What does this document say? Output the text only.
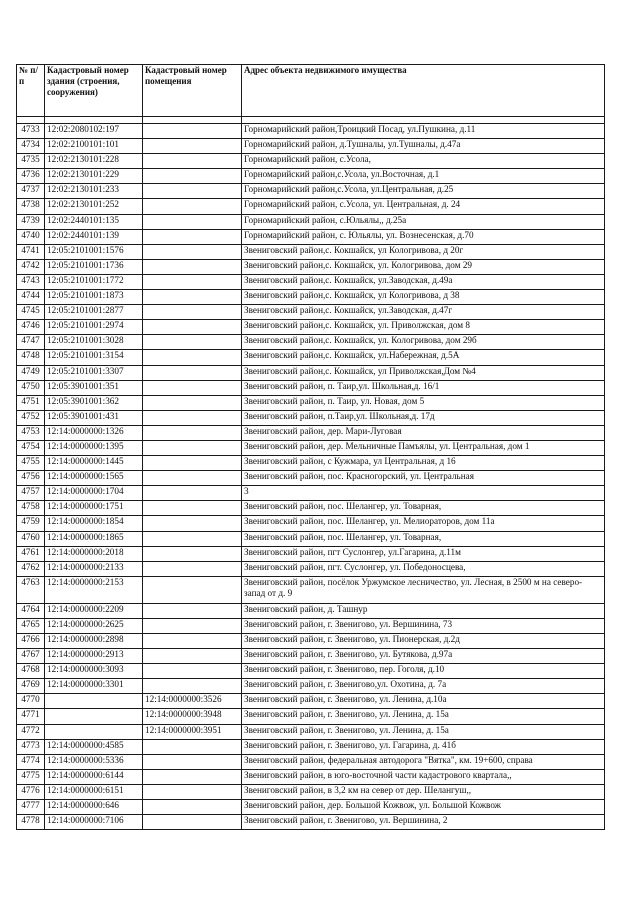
№ п/п	Кадастровый номер здания (строения, сооружения)	Кадастровый номер помещения	Адрес объекта недвижимого имущества

4733	12:02:2080102:197		Горномарийский район,Троицкий Посад, ул.Пушкина, д.11
4734	12:02:2100101:101		Горномарийский район, д.Тушналы, ул.Тушналы, д.47а
4735	12:02:2130101:228		Горномарийский район, с.Усола,
4736	12:02:2130101:229		Горномарийский район,с.Усола, ул.Восточная, д.1
4737	12:02:2130101:233		Горномарийский район,с.Усола, ул.Центральная, д.25
4738	12:02:2130101:252		Горномарийский район, с.Усола, ул. Центральная, д. 24
4739	12:02:2440101:135		Горномарийский район, с.Юльялы,, д.25а
4740	12:02:2440101:139		Горномарийский район, с. Юльялы, ул. Вознесенская, д.70
4741	12:05:2101001:1576		Звениговский район,с. Кокшайск, ул Кологривова, д 20г
4742	12:05:2101001:1736		Звениговский район,с. Кокшайск, ул. Кологривова, дом 29
4743	12:05:2101001:1772		Звениговский район,с. Кокшайск, ул.Заводская, д.49а
4744	12:05:2101001:1873		Звениговский район,с. Кокшайск, ул Кологривова, д 38
4745	12:05:2101001:2877		Звениговский район,с. Кокшайск, ул.Заводская, д.47г
4746	12:05:2101001:2974		Звениговский район,с. Кокшайск, ул. Приволжская, дом 8
4747	12:05:2101001:3028		Звениговский район,с. Кокшайск, ул. Кологривова, дом 29б
4748	12:05:2101001:3154		Звениговский район,с. Кокшайск, ул.Набережная, д.5А
4749	12:05:2101001:3307		Звениговский район,с. Кокшайск, ул Приволжская,Дом №4
4750	12:05:3901001:351		Звениговский район, п. Таир,ул. Школьная,д. 16/1
4751	12:05:3901001:362		Звениговский район, п. Таир, ул. Новая, дом 5
4752	12:05:3901001:431		Звениговский район, п.Таир,ул. Школьная,д. 17д
4753	12:14:0000000:1326		Звениговский район, дер. Мари-Луговая
4754	12:14:0000000:1395		Звениговский район, дер. Мельничные Памъялы, ул. Центральная, дом 1
4755	12:14:0000000:1445		Звениговский район, с Кужмара, ул Центральная, д 16
4756	12:14:0000000:1565		Звениговский район, пос. Красногорский, ул. Центральная
4757	12:14:0000000:1704		3
4758	12:14:0000000:1751		Звениговский район, пос. Шелангер, ул. Товарная,
4759	12:14:0000000:1854		Звениговский район, пос. Шелангер, ул. Мелиораторов, дом 11а
4760	12:14:0000000:1865		Звениговский район, пос. Шелангер, ул. Товарная,
4761	12:14:0000000:2018		Звениговский район, пгт Суслонгер, ул.Гагарина, д.11м
4762	12:14:0000000:2133		Звениговский район, пгт. Суслонгер, ул. Победоносцева,
4763	12:14:0000000:2153		Звениговский район, посёлок Уржумское лесничество, ул. Лесная, в 2500 м на северо-запад от д. 9
4764	12:14:0000000:2209		Звениговский район, д. Ташнур
4765	12:14:0000000:2625		Звениговский район, г. Звенигово, ул. Вершинина, 73
4766	12:14:0000000:2898		Звениговский район, г. Звенигово, ул. Пионерская, д.2д
4767	12:14:0000000:2913		Звениговский район, г. Звенигово, ул. Бутякова, д.97а
4768	12:14:0000000:3093		Звениговский район, г. Звенигово, пер. Гоголя, д.10
4769	12:14:0000000:3301		Звениговский район, г. Звенигово,ул. Охотина, д. 7а
4770		12:14:0000000:3526	Звениговский район, г. Звенигово, ул. Ленина, д.10а
4771		12:14:0000000:3948	Звениговский район, г. Звенигово, ул. Ленина, д. 15а
4772		12:14:0000000:3951	Звениговский район, г. Звенигово, ул. Ленина, д. 15а
4773	12:14:0000000:4585		Звениговский район, г. Звенигово, ул. Гагарина, д. 41б
4774	12:14:0000000:5336		Звениговский район, федеральная автодорога "Вятка", км. 19+600, справа
4775	12:14:0000000:6144		Звениговский район, в юго-восточной части кадастрового квартала,,
4776	12:14:0000000:6151		Звениговский район, в 3,2 км на север от дер. Шелангуш,,
4777	12:14:0000000:646		Звениговский район, дер. Большой Кожвож, ул. Большой Кожвож
4778	12:14:0000000:7106		Звениговский район, г. Звенигово, ул. Вершинина, 2
